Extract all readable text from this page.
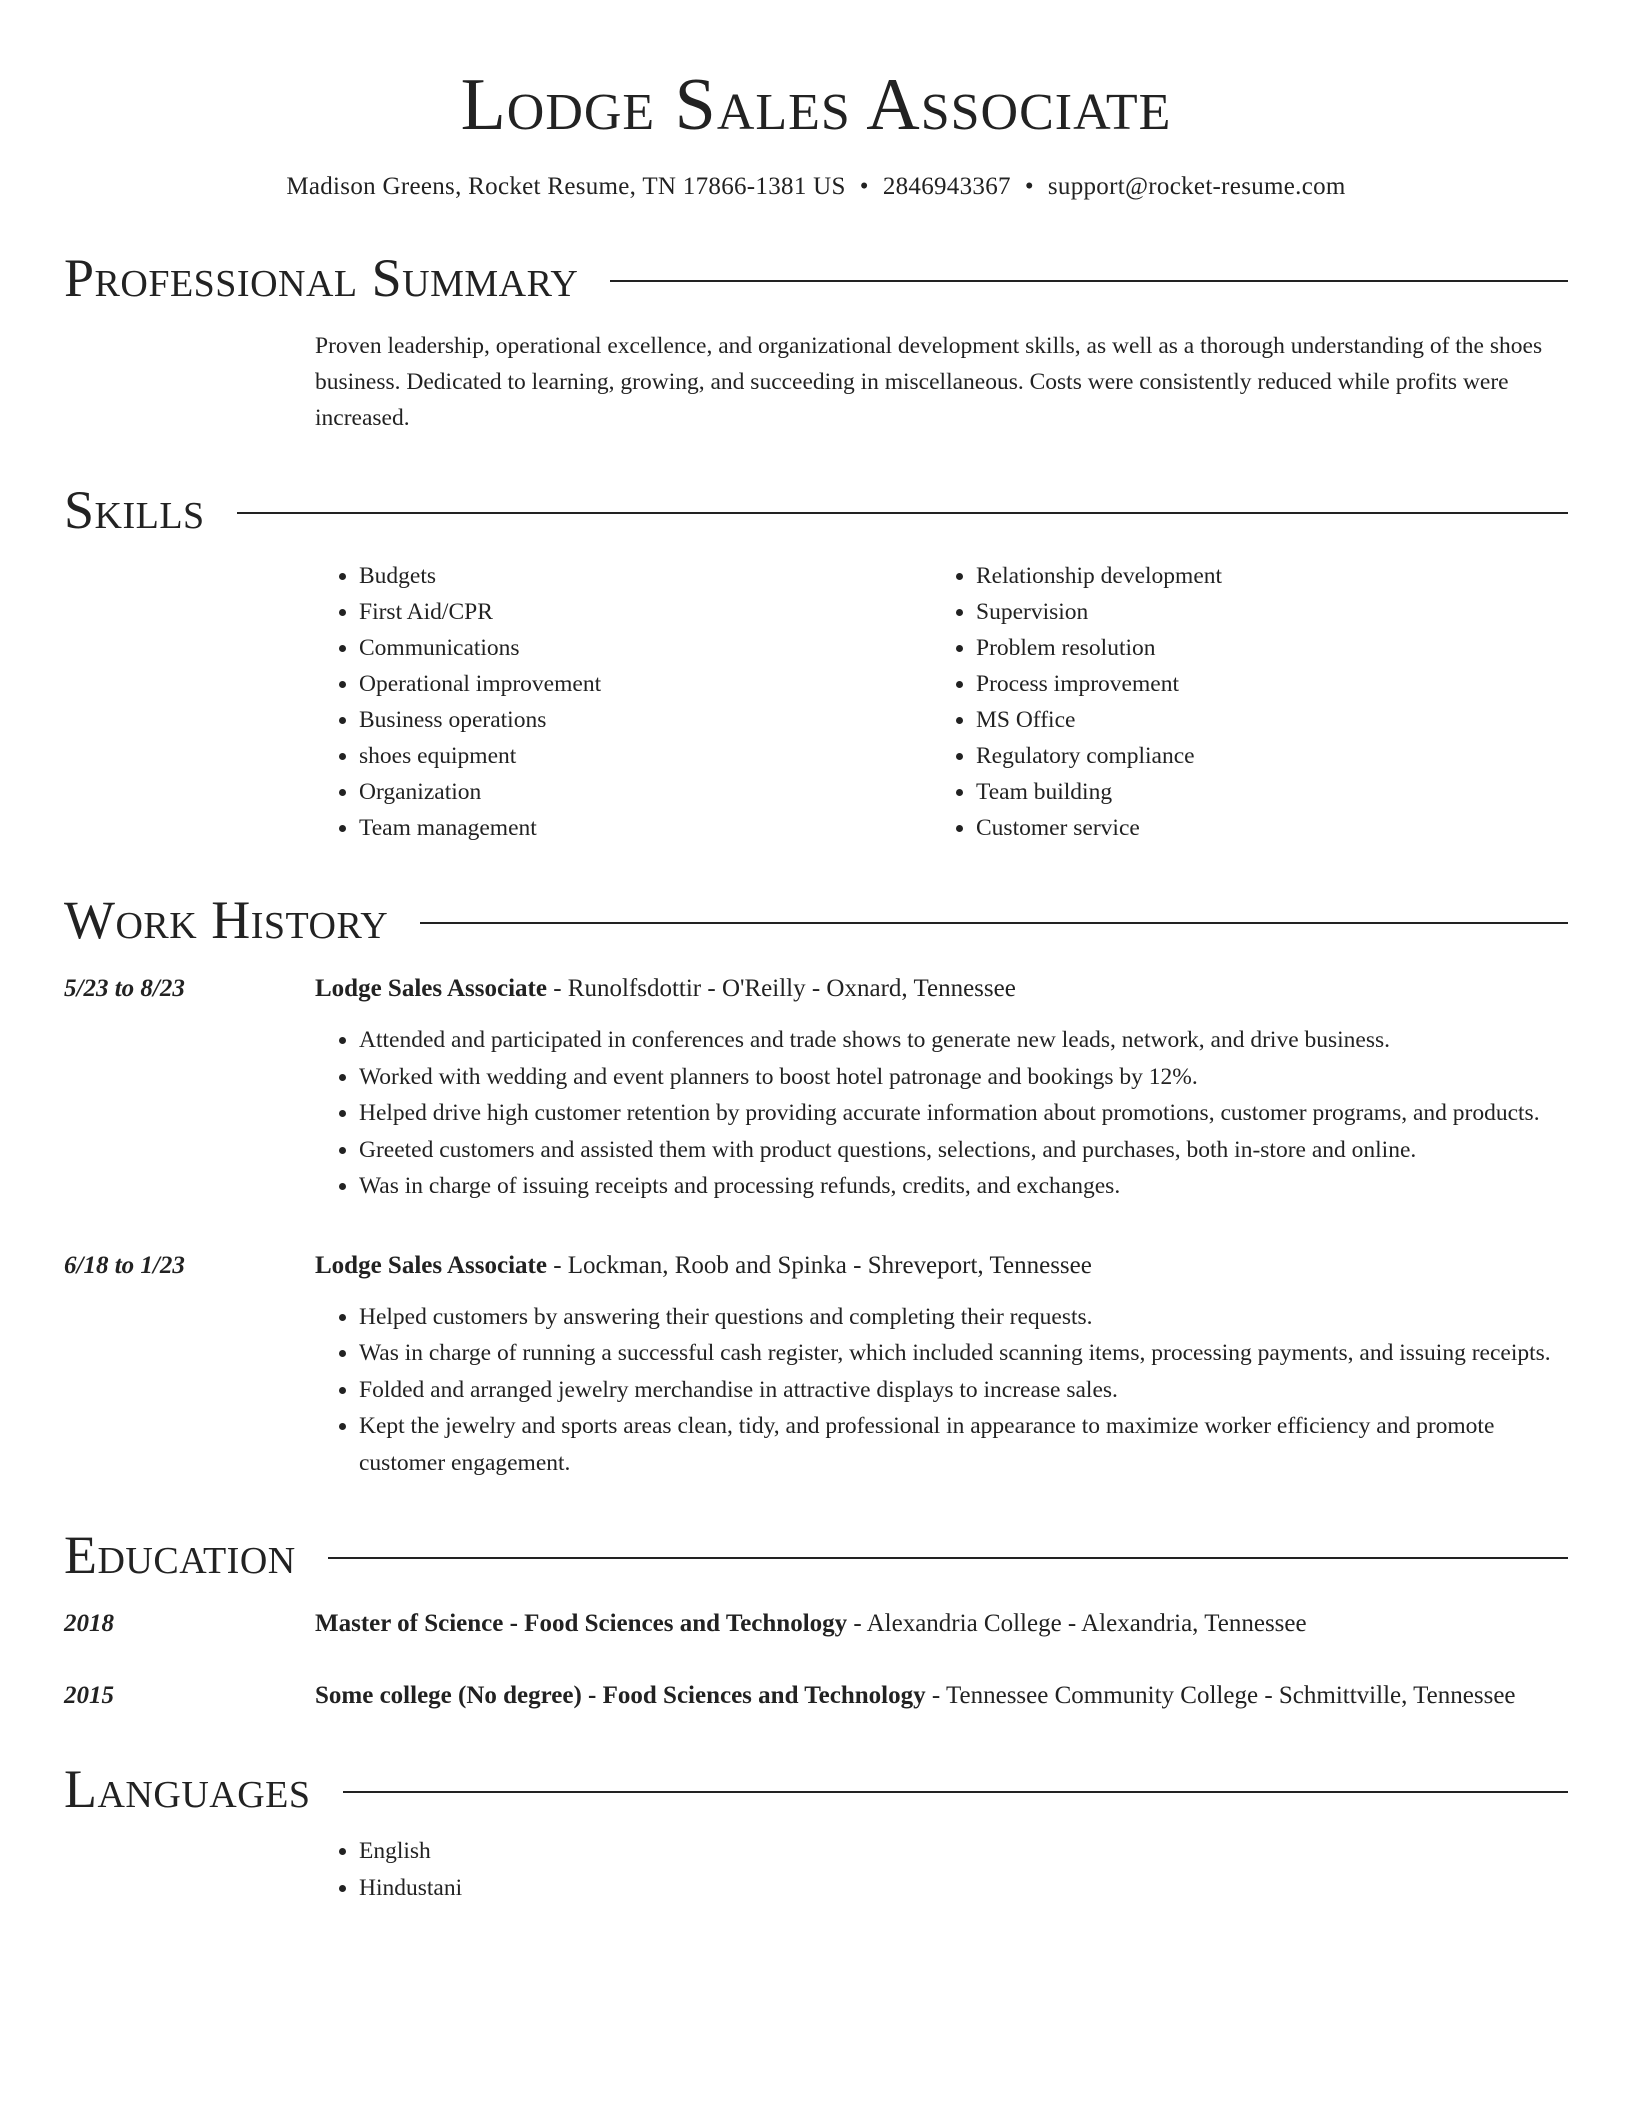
Lodge Sales Associate
Madison Greens, Rocket Resume, TN 17866-1381 US • 2846943367 • support@rocket-resume.com
Professional Summary
Proven leadership, operational excellence, and organizational development skills, as well as a thorough understanding of the shoes business. Dedicated to learning, growing, and succeeding in miscellaneous. Costs were consistently reduced while profits were increased.
Skills
• Budgets
• First Aid/CPR
• Communications
• Operational improvement
• Business operations
• shoes equipment
• Organization
• Team management
• Relationship development
• Supervision
• Problem resolution
• Process improvement
• MS Office
• Regulatory compliance
• Team building
• Customer service
Work History
5/23 to 8/23	Lodge Sales Associate - Runolfsdottir - O'Reilly - Oxnard, Tennessee
• Attended and participated in conferences and trade shows to generate new leads, network, and drive business.
• Worked with wedding and event planners to boost hotel patronage and bookings by 12%.
• Helped drive high customer retention by providing accurate information about promotions, customer programs, and products.
• Greeted customers and assisted them with product questions, selections, and purchases, both in-store and online.
• Was in charge of issuing receipts and processing refunds, credits, and exchanges.
6/18 to 1/23	Lodge Sales Associate - Lockman, Roob and Spinka - Shreveport, Tennessee
• Helped customers by answering their questions and completing their requests.
• Was in charge of running a successful cash register, which included scanning items, processing payments, and issuing receipts.
• Folded and arranged jewelry merchandise in attractive displays to increase sales.
• Kept the jewelry and sports areas clean, tidy, and professional in appearance to maximize worker efficiency and promote customer engagement.
Education
2018	Master of Science - Food Sciences and Technology - Alexandria College - Alexandria, Tennessee
2015	Some college (No degree) - Food Sciences and Technology - Tennessee Community College - Schmittville, Tennessee
Languages
• English
• Hindustani
